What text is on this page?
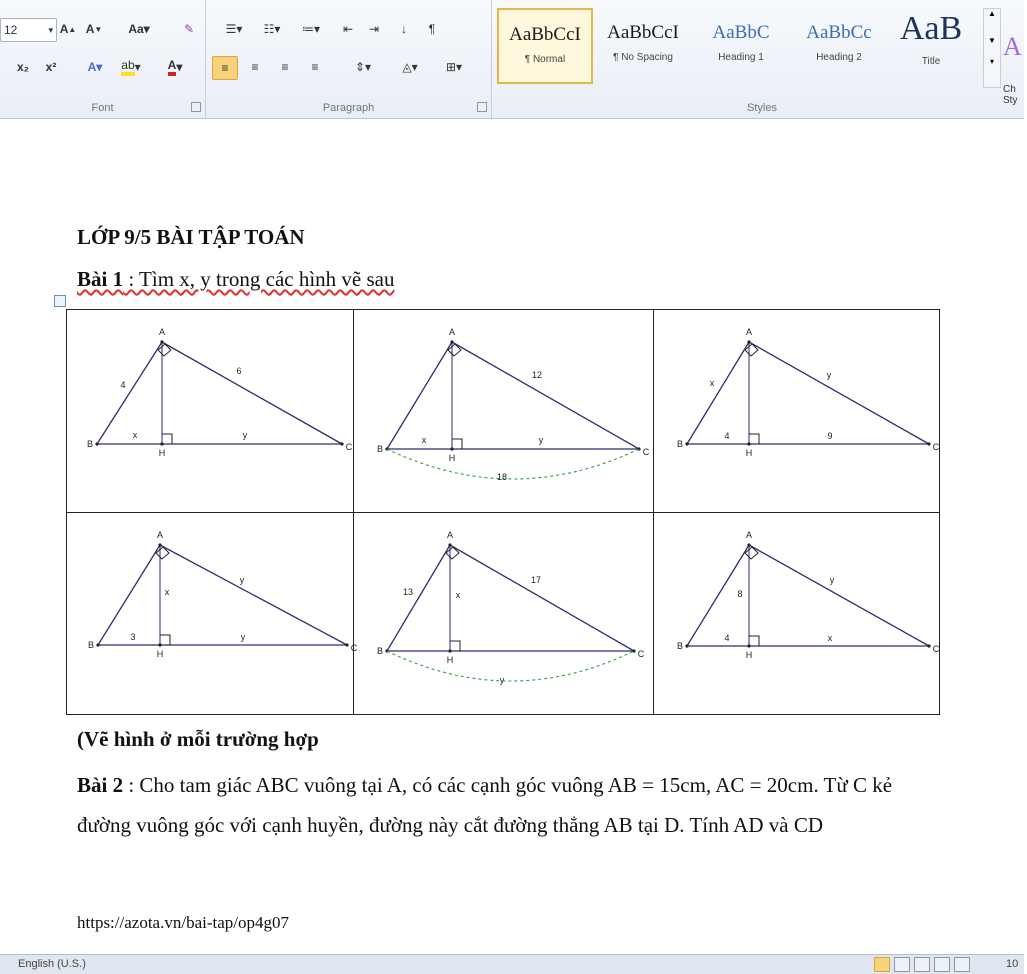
12	▾ A ▲ A ▼	Aa▾	✎
x₂	x²	A▾	ab ▾	A ▾
Font
☰▾	☷▾	≔▾	⇤	⇥	↓	¶
≡	≡	≡	≡	⇕▾	◬▾	⊞▾
Paragraph
AaBbCcI
¶ Normal
AaBbCcI
¶ No Spacing
AaBbC
Heading 1
AaBbCc
Heading 2
AaB
Title
▲
▼
▾

A

Ch
Sty

Styles
LỚP 9/5 BÀI TẬP TOÁN
Bài 1 : Tìm x, y trong các hình vẽ sau
A
B	C
H
4
6
x	y
A
B	C
H
12
x	y
18
A
B	C
H
x
y
4	9
A
B	C
H
y
x
3	y
A
B	C
H
13
17
x
y
A
B	C
H
y
8
4	x
(Vẽ hình ở mỗi trường hợp
Bài 2 : Cho tam giác ABC vuông tại A, có các cạnh góc vuông AB = 15cm, AC = 20cm. Từ C kẻ đường vuông góc với cạnh huyền, đường này cắt đường thẳng AB tại D. Tính AD và CD
https://azota.vn/bai-tap/op4g07
English (U.S.)	10
